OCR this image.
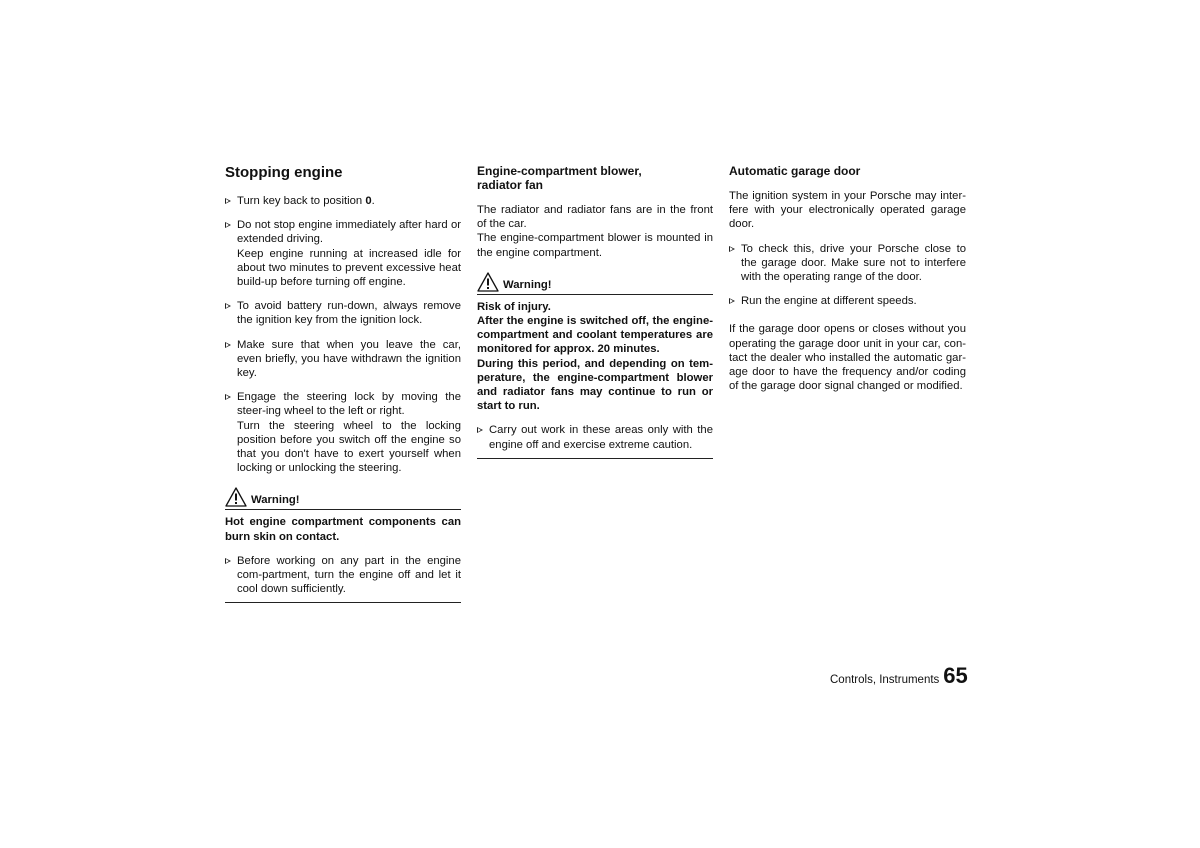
Stopping engine
Turn key back to position 0.
Do not stop engine immediately after hard or extended driving.
Keep engine running at increased idle for about two minutes to prevent excessive heat build-up before turning off engine.
To avoid battery run-down, always remove the ignition key from the ignition lock.
Make sure that when you leave the car, even briefly, you have withdrawn the ignition key.
Engage the steering lock by moving the steer-ing wheel to the left or right.
Turn the steering wheel to the locking position before you switch off the engine so that you don't have to exert yourself when locking or unlocking the steering.
Warning!
Hot engine compartment components can burn skin on contact.
Before working on any part in the engine com-partment, turn the engine off and let it cool down sufficiently.
Engine-compartment blower,
radiator fan

The radiator and radiator fans are in the front of the car.

The engine-compartment blower is mounted in the engine compartment.

Warning!
Risk of injury.
After the engine is switched off, the engine-compartment and coolant temperatures are monitored for approx. 20 minutes.
During this period, and depending on tem-perature, the engine-compartment blower and radiator fans may continue to run or start to run.
Carry out work in these areas only with the engine off and exercise extreme caution.
Automatic garage door

The ignition system in your Porsche may inter-fere with your electronically operated garage door.

To check this, drive your Porsche close to the garage door. Make sure not to interfere with the operating range of the door.
Run the engine at different speeds.

If the garage door opens or closes without you operating the garage door unit in your car, con-tact the dealer who installed the automatic gar-age door to have the frequency and/or coding of the garage door signal changed or modified.

Controls, Instruments 65
